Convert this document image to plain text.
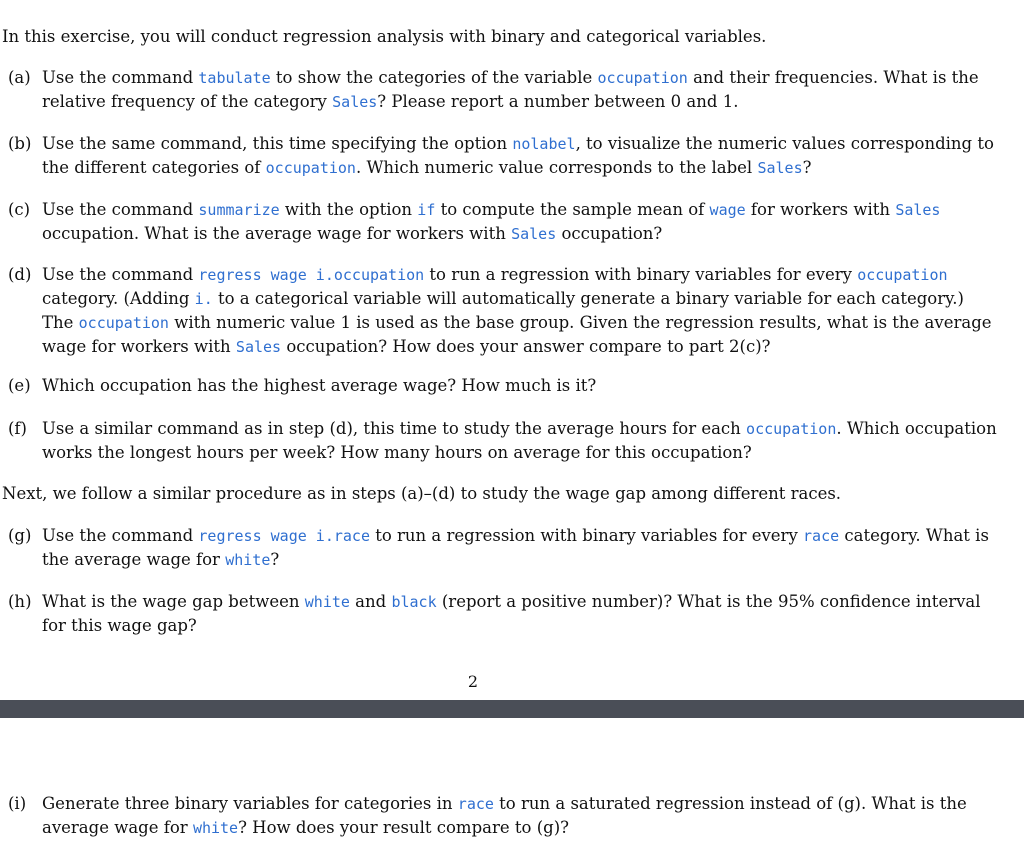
In this exercise, you will conduct regression analysis with binary and categorical variables.
(a) Use the command tabulate to show the categories of the variable occupation and their frequencies. What is the relative frequency of the category Sales? Please report a number between 0 and 1.
(b) Use the same command, this time specifying the option nolabel, to visualize the numeric values corresponding to the different categories of occupation. Which numeric value corresponds to the label Sales?
(c) Use the command summarize with the option if to compute the sample mean of wage for workers with Sales occupation. What is the average wage for workers with Sales occupation?
(d) Use the command regress wage i.occupation to run a regression with binary variables for every occupation category. (Adding i. to a categorical variable will automatically generate a binary variable for each category.) The occupation with numeric value 1 is used as the base group. Given the regression results, what is the average wage for workers with Sales occupation? How does your answer compare to part 2(c)?
(e) Which occupation has the highest average wage? How much is it?
(f) Use a similar command as in step (d), this time to study the average hours for each occupation. Which occupation works the longest hours per week? How many hours on average for this occupation?
Next, we follow a similar procedure as in steps (a)–(d) to study the wage gap among different races.
(g) Use the command regress wage i.race to run a regression with binary variables for every race category. What is the average wage for white?
(h) What is the wage gap between white and black (report a positive number)? What is the 95% confidence interval for this wage gap?
2
(i) Generate three binary variables for categories in race to run a saturated regression instead of (g). What is the average wage for white? How does your result compare to (g)?
